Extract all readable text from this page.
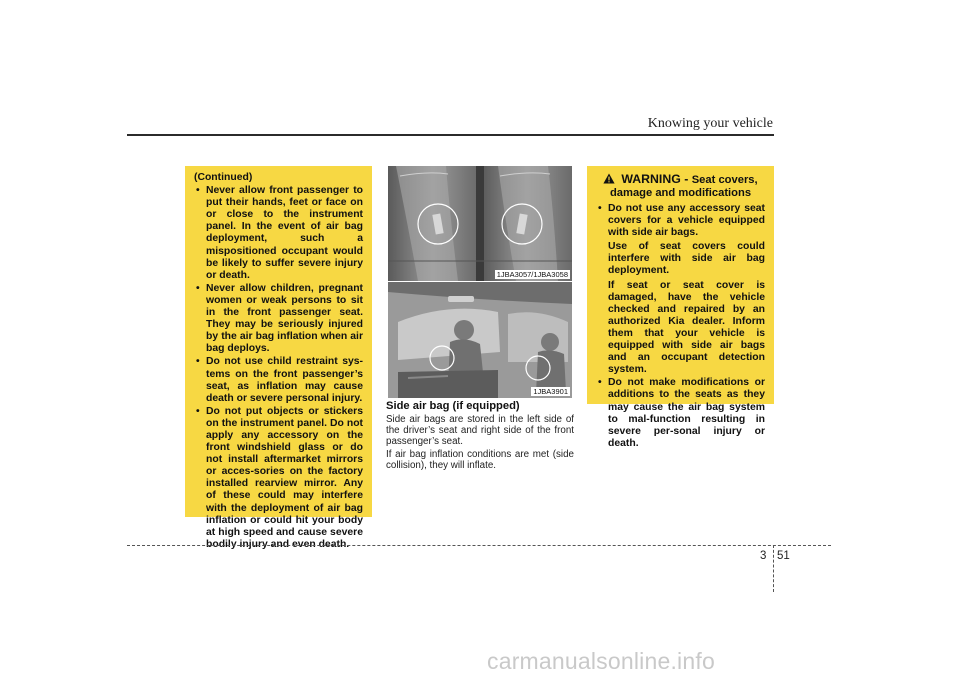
Knowing your vehicle
(Continued)
• Never allow front passenger to put their hands, feet or face on or close to the instrument panel. In the event of air bag deployment, such a mispositioned occupant would be likely to suffer severe injury or death.
• Never allow children, pregnant women or weak persons to sit in the front passenger seat. They may be seriously injured by the air bag inflation when air bag deploys.
• Do not use child restraint sys-tems on the front passenger’s seat, as inflation may cause death or severe personal injury.
• Do not put objects or stickers on the instrument panel. Do not apply any accessory on the front windshield glass or do not install aftermarket mirrors or acces-sories on the factory installed rearview mirror. Any of these could may interfere with the deployment of air bag inflation or could hit your body at high speed and cause severe bodily injury and even death.
1JBA3057/1JBA3058
1JBA3901
Side air bag (if equipped)

Side air bags are stored in the left side of the driver’s seat and right side of the front passenger’s seat.

If air bag inflation conditions are met (side collision), they will inflate.

WARNING - Seat covers,
damage and modifications

• Do not use any accessory seat covers for a vehicle equipped with side air bags.

Use of seat covers could interfere with side air bag deployment.

If seat or seat cover is damaged, have the vehicle checked and repaired by an authorized Kia dealer. Inform them that your vehicle is equipped with side air bags and an occupant detection system.

• Do not make modifications or additions to the seats as they may cause the air bag system to mal-function resulting in severe per-sonal injury or death.
3 51
carmanualsonline.info
